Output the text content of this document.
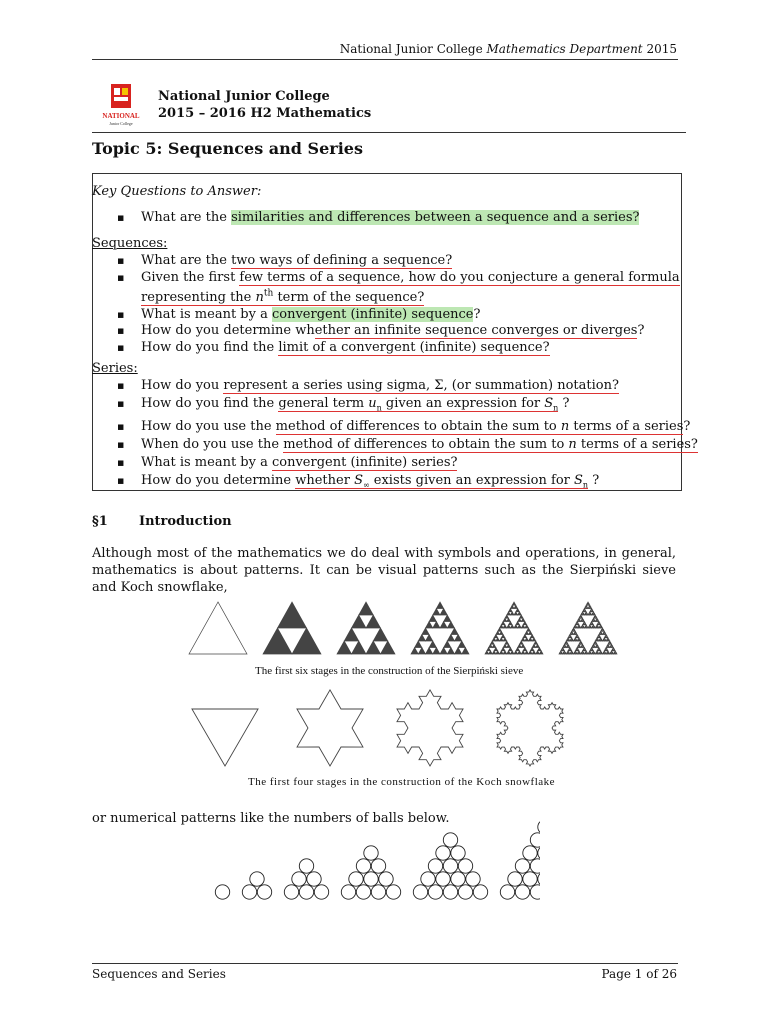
National Junior College Mathematics Department 2015
NATIONAL
Junior College
National Junior College
2015 – 2016 H2 Mathematics
Topic 5: Sequences and Series
Key Questions to Answer:
▪ What are the similarities and differences between a sequence and a series?
Sequences:
▪ What are the two ways of defining a sequence?
▪ Given the first few terms of a sequence, how do you conjecture a general formula
representing the $n^{th}$ term of the sequence?
▪ What is meant by a convergent (infinite) sequence?
▪ How do you determine whether an infinite sequence converges or diverges?
▪ How do you find the limit of a convergent (infinite) sequence?
Series:
▪ How do you represent a series using sigma, Σ, (or summation) notation?
▪ How do you find the general term $u_n$ given an expression for $S_n$ ?
▪ How do you use the method of differences to obtain the sum to n terms of a series?
▪ When do you use the method of differences to obtain the sum to n terms of a series?
▪ What is meant by a convergent (infinite) series?
▪ How do you determine whether $S_\infty$ exists given an expression for $S_n$ ?
§1 Introduction
Although most of the mathematics we do deal with symbols and operations, in general, mathematics is about patterns. It can be visual patterns such as the Sierpiński sieve and Koch snowflake,
The first six stages in the construction of the Sierpiński sieve
The first four stages in the construction of the Koch snowflake
or numerical patterns like the numbers of balls below.
Sequences and Series	Page 1 of 26
